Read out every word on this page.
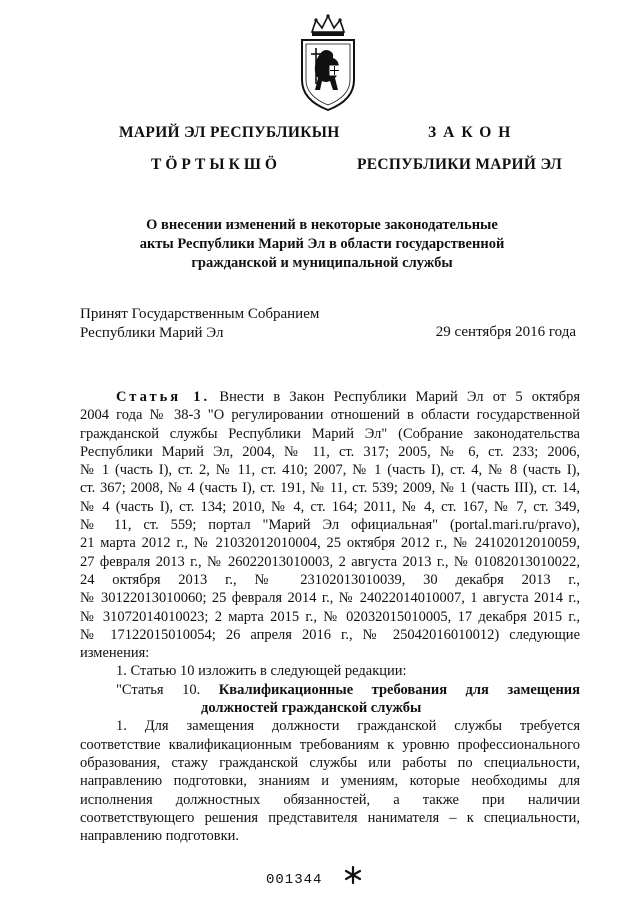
МАРИЙ ЭЛ РЕСПУБЛИКЫН
ТӦРТЫКШӦ
ЗАКОН
РЕСПУБЛИКИ МАРИЙ ЭЛ
О внесении изменений в некоторые законодательные
акты Республики Марий Эл в области государственной
гражданской и муниципальной службы
Принят Государственным Собранием
Республики Марий Эл	29 сентября 2016 года
Статья 1. Внести в Закон Республики Марий Эл от 5 октября
2004 года № 38-З "О регулировании отношений в области государственной
гражданской службы Республики Марий Эл" (Собрание законодательства
Республики Марий Эл, 2004, № 11, ст. 317; 2005, № 6, ст. 233; 2006,
№ 1 (часть I), ст. 2, № 11, ст. 410; 2007, № 1 (часть I), ст. 4, № 8 (часть I),
ст. 367; 2008, № 4 (часть I), ст. 191, № 11, ст. 539; 2009, № 1 (часть III), ст. 14,
№ 4 (часть I), ст. 134; 2010, № 4, ст. 164; 2011, № 4, ст. 167, № 7, ст. 349,
№ 11, ст. 559; портал "Марий Эл официальная" (portal.mari.ru/pravo),
21 марта 2012 г., № 21032012010004, 25 октября 2012 г., № 24102012010059,
27 февраля 2013 г., № 26022013010003, 2 августа 2013 г., № 01082013010022,
24 октября 2013 г., № 23102013010039, 30 декабря 2013 г.,
№ 30122013010060; 25 февраля 2014 г., № 24022014010007, 1 августа 2014 г.,
№ 31072014010023; 2 марта 2015 г., № 02032015010005, 17 декабря 2015 г.,
№ 17122015010054; 26 апреля 2016 г., № 25042016010012) следующие
изменения:
1. Статью 10 изложить в следующей редакции:
"Статья 10. Квалификационные требования для замещения
должностей гражданской службы
1. Для замещения должности гражданской службы требуется
соответствие квалификационным требованиям к уровню профессионального
образования, стажу гражданской службы или работы по специальности,
направлению подготовки, знаниям и умениям, которые необходимы для
исполнения должностных обязанностей, а также при наличии
соответствующего решения представителя нанимателя – к специальности,
направлению подготовки.
001344
